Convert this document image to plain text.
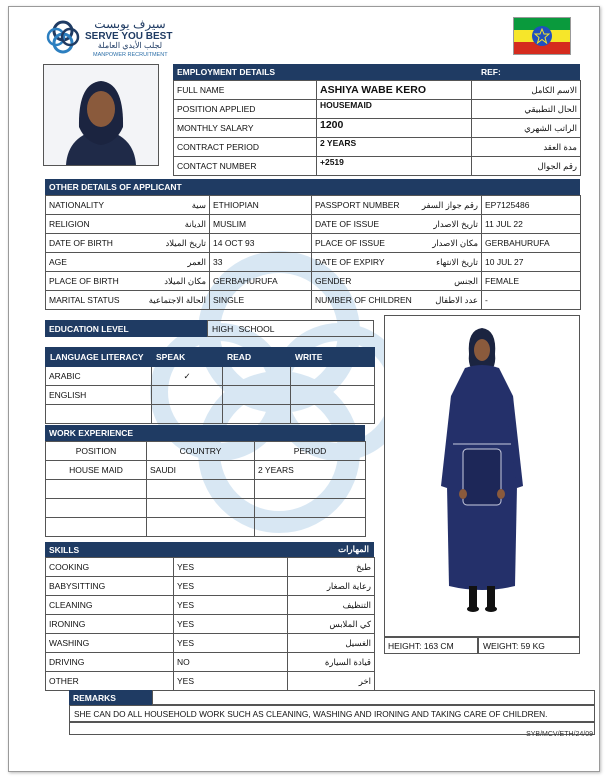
سيرف يوبست
SERVE YOU BEST
لجلب الأيدي العاملة
MANPOWER RECRUITMENT
EMPLOYMENT DETAILS	REF:
FULL NAME	ASHIYA WABE KERO	الاسم الكامل
POSITION APPLIED	HOUSEMAID	الحال التطبيقي
MONTHLY SALARY	1200	الراتب الشهري
CONTRACT PERIOD	2 YEARS	مدة العقد
CONTACT NUMBER	+2519	رقم الجوال
OTHER DETAILS OF APPLICANT
NATIONALITY سية	ETHIOPIAN	PASSPORT NUMBER رقم جواز السفر	EP7125486

RELIGION الديانة	MUSLIM	DATE OF ISSUE تاريخ الاصدار	11 JUL 22

DATE OF BIRTH تاريخ الميلاد	14 OCT 93	PLACE OF ISSUE مكان الاصدار	GERBAHURUFA

AGE العمر	33	DATE OF EXPIRY تاريخ الانتهاء	10 JUL 27

PLACE OF BIRTH مكان الميلاد	GERBAHURUFA	GENDER الجنس	FEMALE

MARITAL STATUS الحالة الاجتماعية	SINGLE	NUMBER OF CHILDREN عدد الاطفال	-
EDUCATION LEVEL	HIGH SCHOOL
LANGUAGE LITERACY	SPEAK	READ	WRITE
ARABIC	✓		
ENGLISH			

HEIGHT: 163 CM	WEIGHT: 59 KG
WORK EXPERIENCE
POSITION	COUNTRY	PERIOD
HOUSE MAID	SAUDI	2 YEARS

SKILLS	المهارات
COOKING	YES	طبخ
BABYSITTING	YES	رعاية الصغار
CLEANING	YES	التنظيف
IRONING	YES	كي الملابس
WASHING	YES	الغسيل
DRIVING	NO	قيادة السيارة
OTHER	YES	اخر
REMARKS
SHE CAN DO ALL HOUSEHOLD WORK SUCH AS CLEANING, WASHING AND IRONING AND TAKING CARE OF CHILDREN.
SYB/MCV/ETH/24/09
